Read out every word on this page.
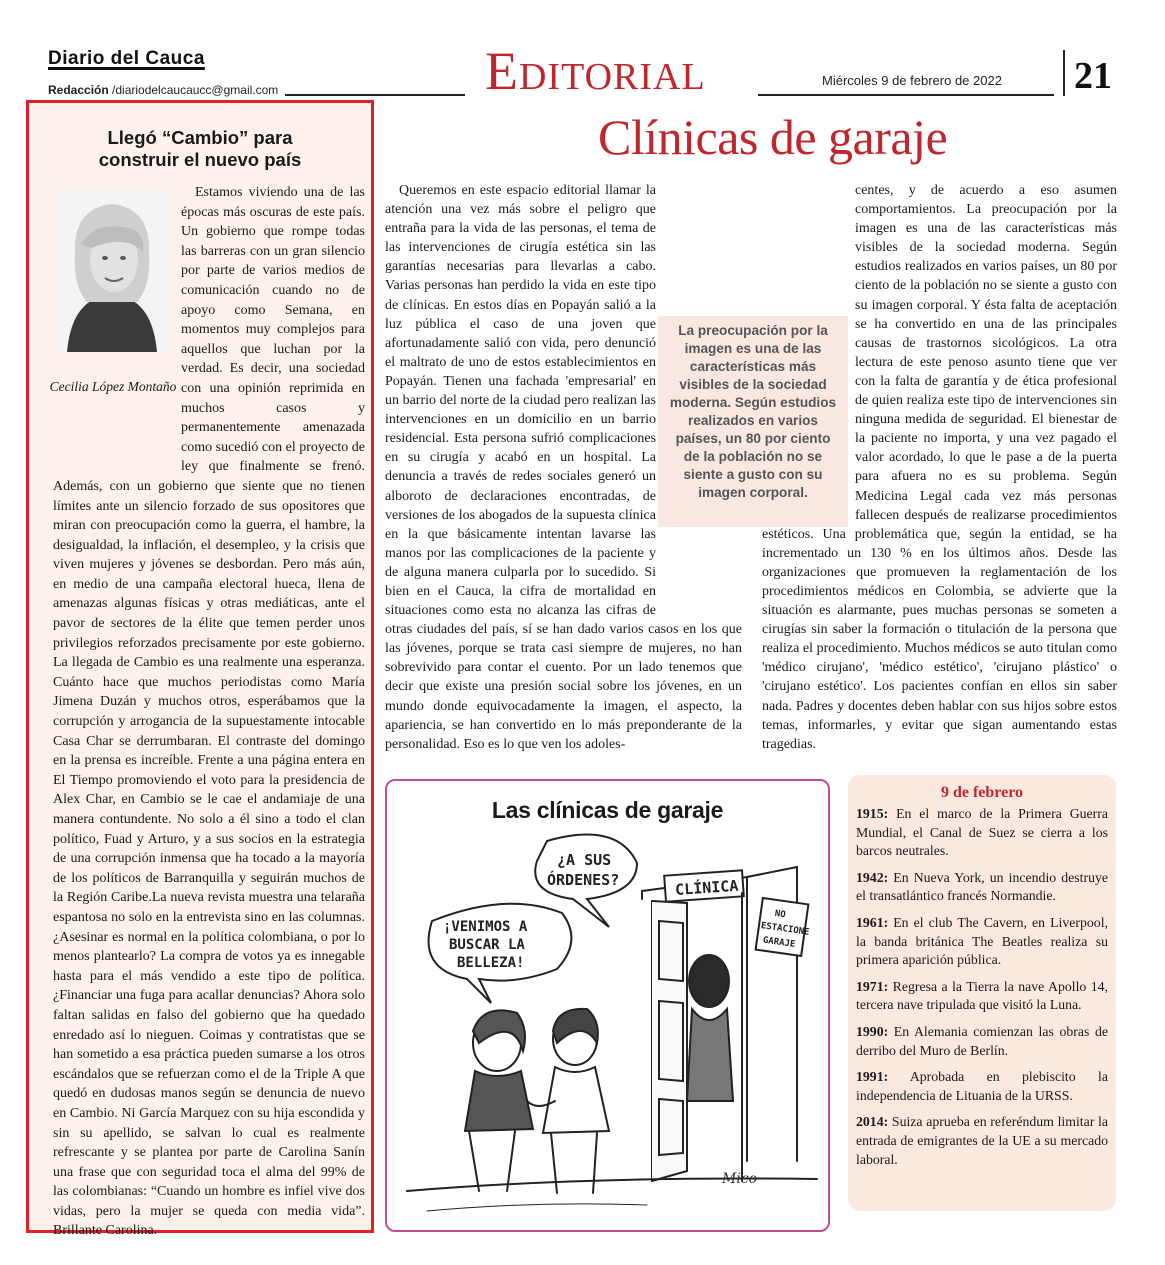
Diario del Cauca
Redacción /diariodelcaucaucc@gmail.com	Editorial	Miércoles 9 de febrero de 2022 21
Clínicas de garaje
Llegó “Cambio” para construir el nuevo país
Estamos viviendo una de las épocas más oscuras de este país. Un gobierno que rompe todas las barreras con un gran silencio por parte de varios medios de comunicación cuando no de apoyo como Semana, en momentos muy complejos para aquellos que luchan por la verdad. Es decir, una sociedad con una opinión reprimida en muchos casos y permanentemente amenazada como sucedió con el proyecto de ley que finalmente se frenó. Además, con un gobierno que siente que no tienen límites ante un silencio forzado de sus opositores que miran con preocupación como la guerra, el hambre, la desigualdad, la inflación, el desempleo, y la crisis que viven mujeres y jóvenes se desbordan. Pero más aún, en medio de una campaña electoral hueca, llena de amenazas algunas físicas y otras mediáticas, ante el pavor de sectores de la élite que temen perder unos privilegios reforzados precisamente por este gobierno. La llegada de Cambio es una realmente una esperanza. Cuánto hace que muchos periodistas como María Jimena Duzán y muchos otros, esperábamos que la corrupción y arrogancia de la supuestamente intocable Casa Char se derrumbaran. El contraste del domingo en la prensa es increíble. Frente a una página entera en El Tiempo promoviendo el voto para la presidencia de Alex Char, en Cambio se le cae el andamiaje de una manera contundente. No solo a él sino a todo el clan político, Fuad y Arturo, y a sus socios en la estrategia de una corrupción inmensa que ha tocado a la mayoría de los políticos de Barranquilla y seguirán muchos de la Región Caribe.La nueva revista muestra una telaraña espantosa no solo en la entrevista sino en las columnas. ¿Asesinar es normal en la política colombiana, o por lo menos plantearlo? La compra de votos ya es innegable hasta para el más vendido a este tipo de política. ¿Financiar una fuga para acallar denuncias? Ahora solo faltan salidas en falso del gobierno que ha quedado enredado así lo nieguen. Coimas y contratistas que se han sometido a esa práctica pueden sumarse a los otros escándalos que se refuerzan como el de la Triple A que quedó en dudosas manos según se denuncia de nuevo en Cambio. Ni García Marquez con su hija escondida y sin su apellido, se salvan lo cual es realmente refrescante y se plantea por parte de Carolina Sanín una frase que con seguridad toca el alma del 99% de las colombianas: “Cuando un hombre es infiel vive dos vidas, pero la mujer se queda con media vida”. Brillante Carolina.
Cecilia López Montaño
Queremos en este espacio editorial llamar la atención una vez más sobre el peligro que entraña para la vida de las personas, el tema de las intervenciones de cirugía estética sin las garantías necesarias para llevarlas a cabo. Varias personas han perdido la vida en este tipo de clínicas. En estos días en Popayán salió a la luz pública el caso de una joven que afortunadamente salió con vida, pero denunció el maltrato de uno de estos establecimientos en Popayán. Tienen una fachada 'empresarial' en un barrio del norte de la ciudad pero realizan las intervenciones en un domicilio en un barrio residencial. Esta persona sufrió complicaciones en su cirugía y acabó en un hospital. La denuncia a través de redes sociales generó un alboroto de declaraciones encontradas, de versiones de los abogados de la supuesta clínica en la que básicamente intentan lavarse las manos por las complicaciones de la paciente y de alguna manera culparla por lo sucedido. Si bien en el Cauca, la cifra de mortalidad en situaciones como esta no alcanza las cifras de otras ciudades del país, sí se han dado varios casos en los que las jóvenes, porque se trata casi siempre de mujeres, no han sobrevivido para contar el cuento. Por un lado tenemos que decir que existe una presión social sobre los jóvenes, en un mundo donde equivocadamente la imagen, el aspecto, la apariencia, se han convertido en lo más preponderante de la personalidad. Eso es lo que ven los adoles-
centes, y de acuerdo a eso asumen comportamientos. La preocupación por la imagen es una de las características más visibles de la sociedad moderna. Según estudios realizados en varios países, un 80 por ciento de la población no se siente a gusto con su imagen corporal. Y ésta falta de aceptación se ha convertido en una de las principales causas de trastornos sicológicos. La otra lectura de este penoso asunto tiene que ver con la falta de garantía y de ética profesional de quien realiza este tipo de intervenciones sin ninguna medida de seguridad. El bienestar de la paciente no importa, y una vez pagado el valor acordado, lo que le pase a de la puerta para afuera no es su problema. Según Medicina Legal cada vez más personas fallecen después de realizarse procedimientos estéticos. Una problemática que, según la entidad, se ha incrementado un 130 % en los últimos años. Desde las organizaciones que promueven la reglamentación de los procedimientos médicos en Colombia, se advierte que la situación es alarmante, pues muchas personas se someten a cirugías sin saber la formación o titulación de la persona que realiza el procedimiento. Muchos médicos se auto titulan como 'médico cirujano', 'médico estético', 'cirujano plástico' o 'cirujano estético'. Los pacientes confían en ellos sin saber nada. Padres y docentes deben hablar con sus hijos sobre estos temas, informarles, y evitar que sigan aumentando estas tragedias.
La preocupación por la imagen es una de las características más visibles de la sociedad moderna. Según estudios realizados en varios países, un 80 por ciento de la población no se siente a gusto con su imagen corporal.
Las clínicas de garaje
¿A SUS
ÓRDENES?
¡VENIMOS A
BUSCAR LA
BELLEZA!
CLÍNICA
NO
ESTACIONE
GARAJE
Mico
9 de febrero
1915: En el marco de la Primera Guerra Mundial, el Canal de Suez se cierra a los barcos neutrales.
1942: En Nueva York, un incendio destruye el transatlántico francés Normandie.
1961: En el club The Cavern, en Liverpool, la banda británica The Beatles realiza su primera aparición pública.
1971: Regresa a la Tierra la nave Apollo 14, tercera nave tripulada que visitó la Luna.
1990: En Alemania comienzan las obras de derribo del Muro de Berlín.
1991: Aprobada en plebiscito la independencia de Lituania de la URSS.
2014: Suiza aprueba en referéndum limitar la entrada de emigrantes de la UE a su mercado laboral.
